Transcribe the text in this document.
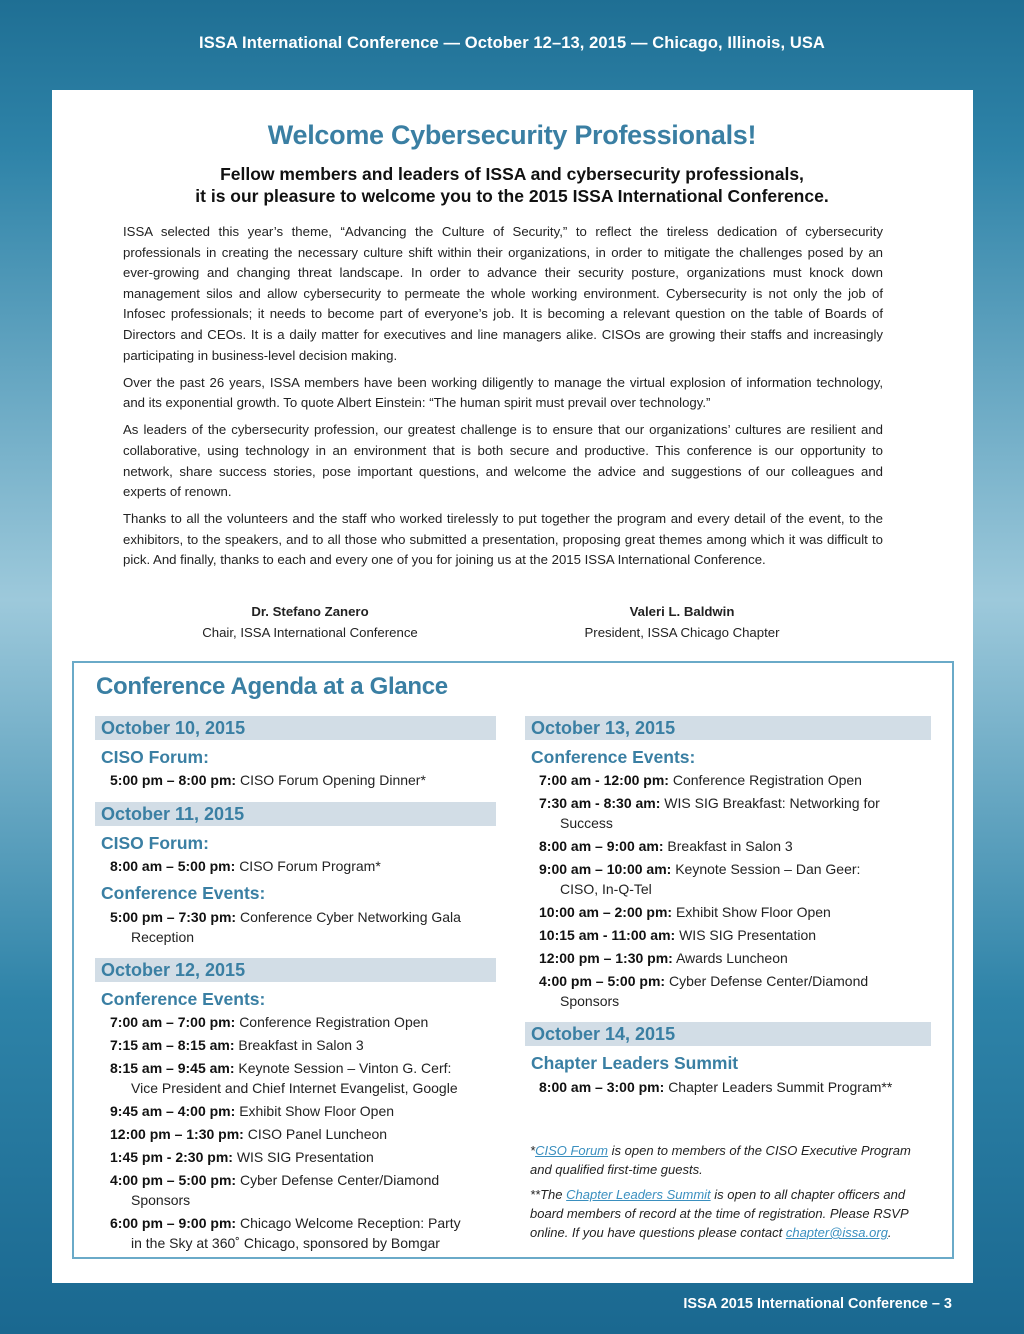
ISSA International Conference — October 12–13, 2015 — Chicago, Illinois, USA
Welcome Cybersecurity Professionals!
Fellow members and leaders of ISSA and cybersecurity professionals,
it is our pleasure to welcome you to the 2015 ISSA International Conference.

ISSA selected this year’s theme, “Advancing the Culture of Security,” to reflect the tireless dedication of cybersecurity professionals in creating the necessary culture shift within their organizations, in order to mitigate the challenges posed by an ever-growing and changing threat landscape. In order to advance their security posture, organizations must knock down management silos and allow cybersecurity to permeate the whole working environment. Cybersecurity is not only the job of Infosec professionals; it needs to become part of everyone’s job. It is becoming a relevant question on the table of Boards of Directors and CEOs. It is a daily matter for executives and line managers alike. CISOs are growing their staffs and increasingly participating in business-level decision making.

Over the past 26 years, ISSA members have been working diligently to manage the virtual explosion of information technology, and its exponential growth. To quote Albert Einstein: “The human spirit must prevail over technology.”

As leaders of the cybersecurity profession, our greatest challenge is to ensure that our organizations’ cultures are resilient and collaborative, using technology in an environment that is both secure and productive. This conference is our opportunity to network, share success stories, pose important questions, and welcome the advice and suggestions of our colleagues and experts of renown.

Thanks to all the volunteers and the staff who worked tirelessly to put together the program and every detail of the event, to the exhibitors, to the speakers, and to all those who submitted a presentation, proposing great themes among which it was difficult to pick. And finally, thanks to each and every one of you for joining us at the 2015 ISSA International Conference.

Dr. Stefano Zanero
Chair, ISSA International Conference
Valeri L. Baldwin
President, ISSA Chicago Chapter
Conference Agenda at a Glance
October 10, 2015
CISO Forum:
5:00 pm – 8:00 pm: CISO Forum Opening Dinner*
October 11, 2015
CISO Forum:
8:00 am – 5:00 pm: CISO Forum Program*
Conference Events:
5:00 pm – 7:30 pm: Conference Cyber Networking Gala
Reception
October 12, 2015
Conference Events:
7:00 am – 7:00 pm: Conference Registration Open
7:15 am – 8:15 am: Breakfast in Salon 3
8:15 am – 9:45 am: Keynote Session – Vinton G. Cerf:
Vice President and Chief Internet Evangelist, Google
9:45 am – 4:00 pm: Exhibit Show Floor Open
12:00 pm – 1:30 pm: CISO Panel Luncheon
1:45 pm - 2:30 pm: WIS SIG Presentation
4:00 pm – 5:00 pm: Cyber Defense Center/Diamond
Sponsors
6:00 pm – 9:00 pm: Chicago Welcome Reception: Party
in the Sky at 360˚ Chicago, sponsored by Bomgar
October 13, 2015
Conference Events:
7:00 am - 12:00 pm: Conference Registration Open
7:30 am - 8:30 am: WIS SIG Breakfast: Networking for
Success
8:00 am – 9:00 am: Breakfast in Salon 3
9:00 am – 10:00 am: Keynote Session – Dan Geer:
CISO, In-Q-Tel
10:00 am – 2:00 pm: Exhibit Show Floor Open
10:15 am - 11:00 am: WIS SIG Presentation
12:00 pm – 1:30 pm: Awards Luncheon
4:00 pm – 5:00 pm: Cyber Defense Center/Diamond
Sponsors
October 14, 2015
Chapter Leaders Summit
8:00 am – 3:00 pm: Chapter Leaders Summit Program**

*CISO Forum is open to members of the CISO Executive Program and qualified first-time guests.

**The Chapter Leaders Summit is open to all chapter officers and board members of record at the time of registration. Please RSVP online. If you have questions please contact chapter@issa.org.

ISSA 2015 International Conference – 3
